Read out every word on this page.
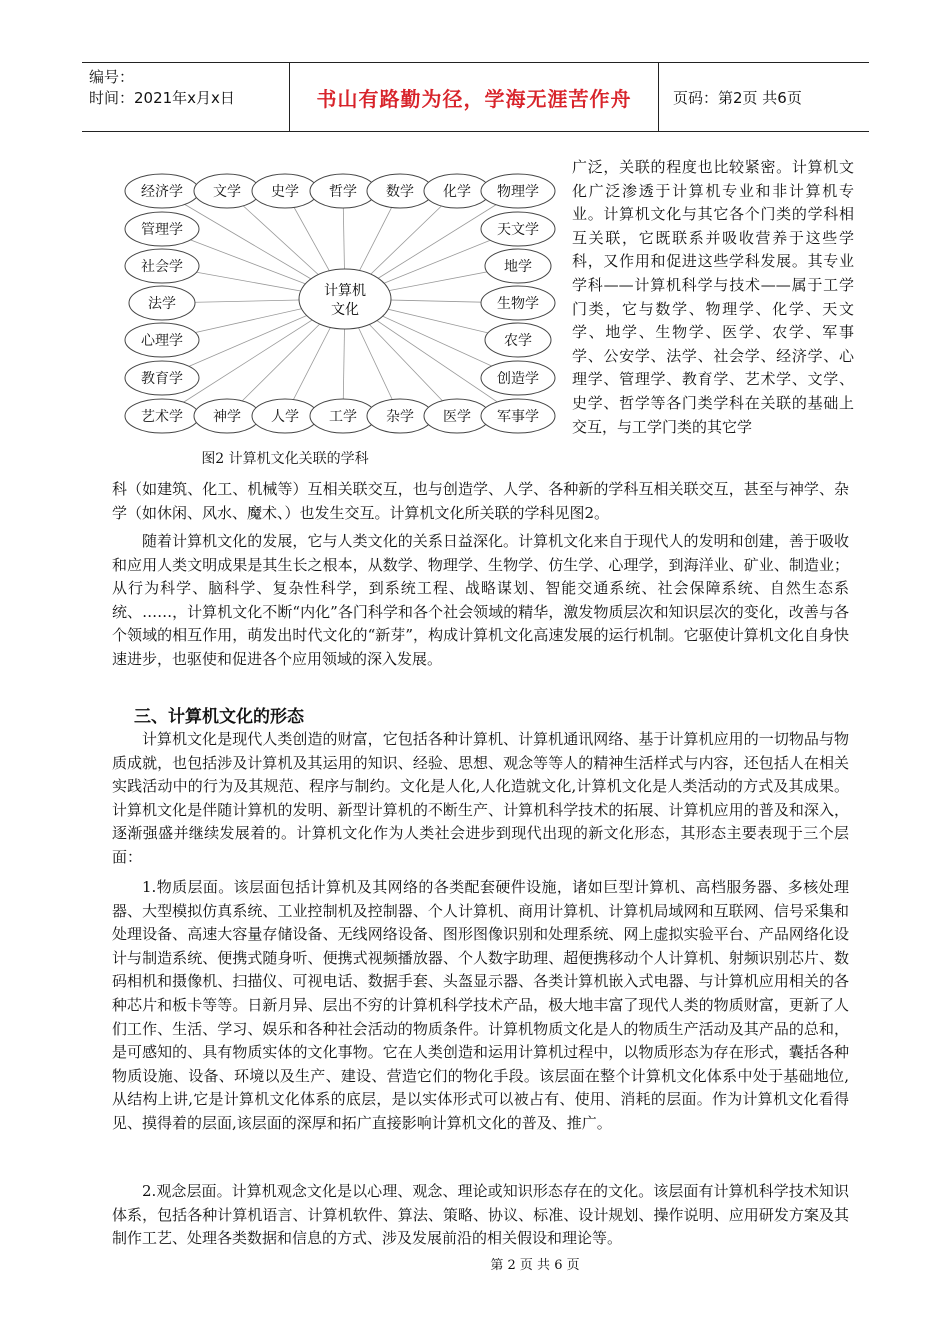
编号：
时间：2021年x月x日	书山有路勤为径，学海无涯苦作舟	页码：第2页 共6页
经济学 文学 史学 哲学 数学 化学 物理学
艺术学 神学 人学 工学 杂学 医学 军事学
管理学
社会学
法学
心理学
教育学
天文学
地学
生物学
农学
创造学
计算机
文化
图2 计算机文化关联的学科
广泛，关联的程度也比较紧密。计算机文化广泛渗透于计算机专业和非计算机专业。计算机文化与其它各个门类的学科相互关联，它既联系并吸收营养于这些学科，又作用和促进这些学科发展。其专业学科——计算机科学与技术——属于工学门类，它与数学、物理学、化学、天文学、地学、生物学、医学、农学、军事学、公安学、法学、社会学、经济学、心理学、管理学、教育学、艺术学、文学、史学、哲学等各门类学科在关联的基础上交互，与工学门类的其它学
科（如建筑、化工、机械等）互相关联交互，也与创造学、人学、各种新的学科互相关联交互，甚至与神学、杂学（如休闲、风水、魔术、）也发生交互。计算机文化所关联的学科见图2。
随着计算机文化的发展，它与人类文化的关系日益深化。计算机文化来自于现代人的发明和创建，善于吸收和应用人类文明成果是其生长之根本，从数学、物理学、生物学、仿生学、心理学，到海洋业、矿业、制造业；从行为科学、脑科学、复杂性科学，到系统工程、战略谋划、智能交通系统、社会保障系统、自然生态系统、……，计算机文化不断“内化”各门科学和各个社会领域的精华，激发物质层次和知识层次的变化，改善与各个领域的相互作用，萌发出时代文化的“新芽”，构成计算机文化高速发展的运行机制。它驱使计算机文化自身快速进步，也驱使和促进各个应用领域的深入发展。
三、计算机文化的形态
计算机文化是现代人类创造的财富，它包括各种计算机、计算机通讯网络、基于计算机应用的一切物品与物质成就，也包括涉及计算机及其运用的知识、经验、思想、观念等等人的精神生活样式与内容，还包括人在相关实践活动中的行为及其规范、程序与制约。文化是人化,人化造就文化,计算机文化是人类活动的方式及其成果。计算机文化是伴随计算机的发明、新型计算机的不断生产、计算机科学技术的拓展、计算机应用的普及和深入，逐渐强盛并继续发展着的。计算机文化作为人类社会进步到现代出现的新文化形态，其形态主要表现于三个层面：
1.物质层面。该层面包括计算机及其网络的各类配套硬件设施，诸如巨型计算机、高档服务器、多核处理器、大型模拟仿真系统、工业控制机及控制器、个人计算机、商用计算机、计算机局域网和互联网、信号采集和处理设备、高速大容量存储设备、无线网络设备、图形图像识别和处理系统、网上虚拟实验平台、产品网络化设计与制造系统、便携式随身听、便携式视频播放器、个人数字助理、超便携移动个人计算机、射频识别芯片、数码相机和摄像机、扫描仪、可视电话、数据手套、头盔显示器、各类计算机嵌入式电器、与计算机应用相关的各种芯片和板卡等等。日新月异、层出不穷的计算机科学技术产品，极大地丰富了现代人类的物质财富，更新了人们工作、生活、学习、娱乐和各种社会活动的物质条件。计算机物质文化是人的物质生产活动及其产品的总和，是可感知的、具有物质实体的文化事物。它在人类创造和运用计算机过程中，以物质形态为存在形式，囊括各种物质设施、设备、环境以及生产、建设、营造它们的物化手段。该层面在整个计算机文化体系中处于基础地位,从结构上讲,它是计算机文化体系的底层，是以实体形式可以被占有、使用、消耗的层面。作为计算机文化看得见、摸得着的层面,该层面的深厚和拓广直接影响计算机文化的普及、推广。
2.观念层面。计算机观念文化是以心理、观念、理论或知识形态存在的文化。该层面有计算机科学技术知识体系，包括各种计算机语言、计算机软件、算法、策略、协议、标准、设计规划、操作说明、应用研发方案及其制作工艺、处理各类数据和信息的方式、涉及发展前沿的相关假设和理论等。
第 2 页 共 6 页
